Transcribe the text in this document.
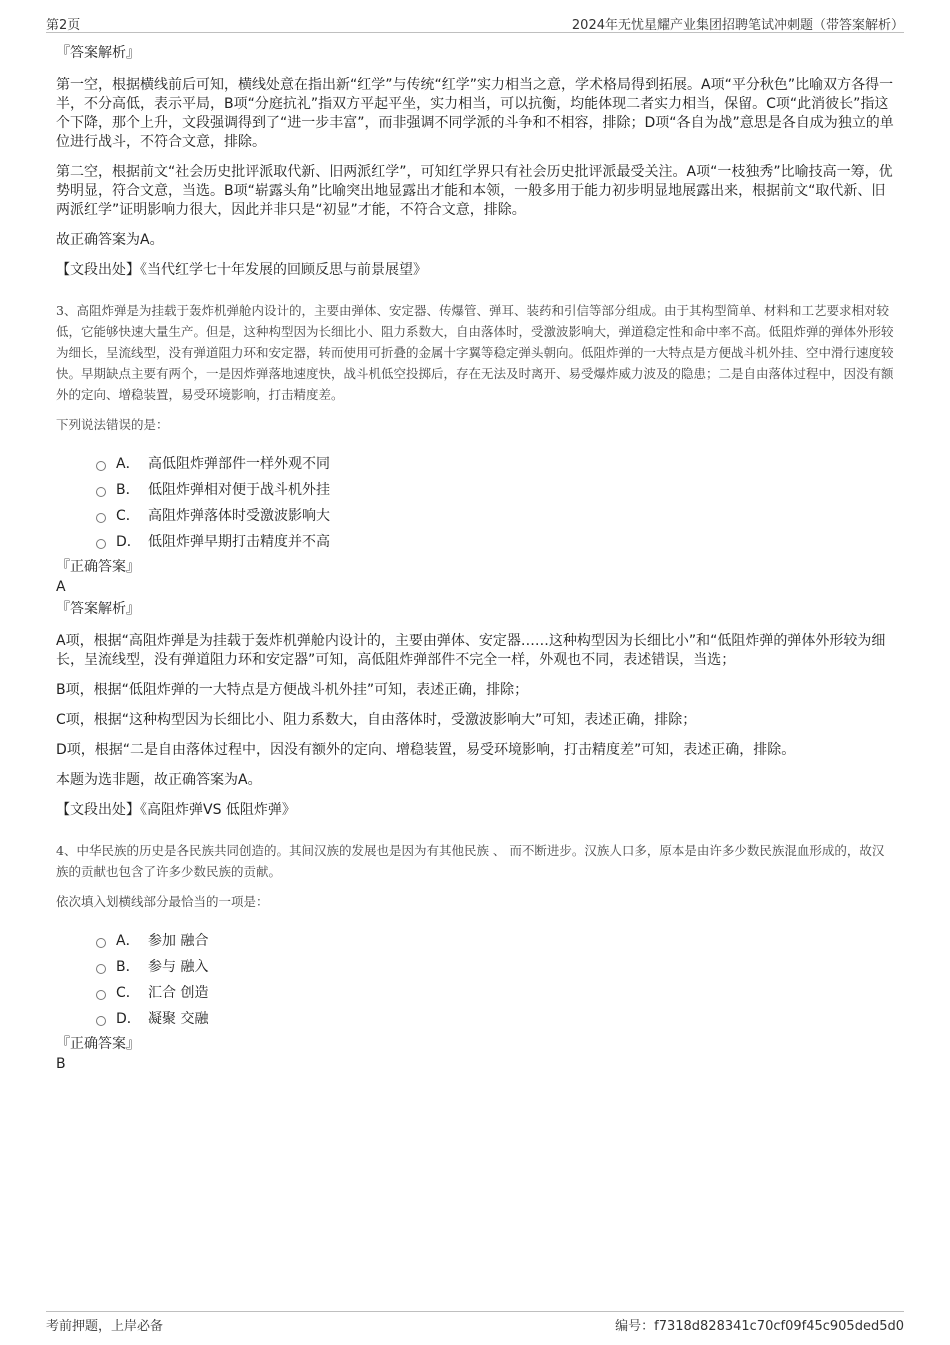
第2页	2024年无忧星耀产业集团招聘笔试冲刺题（带答案解析）
『答案解析』

第一空，根据横线前后可知，横线处意在指出新“红学”与传统“红学”实力相当之意，学术格局得到拓展。A项“平分秋色”比喻双方各得一半，不分高低，表示平局，B项“分庭抗礼”指双方平起平坐，实力相当，可以抗衡，均能体现二者实力相当，保留。C项“此消彼长”指这个下降，那个上升，文段强调得到了“进一步丰富”，而非强调不同学派的斗争和不相容，排除；D项“各自为战”意思是各自成为独立的单位进行战斗，不符合文意，排除。

第二空，根据前文“社会历史批评派取代新、旧两派红学”，可知红学界只有社会历史批评派最受关注。A项“一枝独秀”比喻技高一筹，优势明显，符合文意，当选。B项“崭露头角”比喻突出地显露出才能和本领，一般多用于能力初步明显地展露出来，根据前文“取代新、旧两派红学”证明影响力很大，因此并非只是“初显”才能，不符合文意，排除。

故正确答案为A。

【文段出处】《当代红学七十年发展的回顾反思与前景展望》

3、高阻炸弹是为挂载于轰炸机弹舱内设计的，主要由弹体、安定器、传爆管、弹耳、装药和引信等部分组成。由于其构型简单、材料和工艺要求相对较低，它能够快速大量生产。但是，这种构型因为长细比小、阻力系数大，自由落体时，受激波影响大，弹道稳定性和命中率不高。低阻炸弹的弹体外形较为细长，呈流线型，没有弹道阻力环和安定器，转而使用可折叠的金属十字翼等稳定弹头朝向。低阻炸弹的一大特点是方便战斗机外挂、空中滑行速度较快。早期缺点主要有两个，一是因炸弹落地速度快，战斗机低空投掷后，存在无法及时离开、易受爆炸威力波及的隐患；二是自由落体过程中，因没有额外的定向、增稳装置，易受环境影响，打击精度差。

下列说法错误的是：

A． 高低阻炸弹部件一样外观不同
B． 低阻炸弹相对便于战斗机外挂
C． 高阻炸弹落体时受激波影响大
D． 低阻炸弹早期打击精度并不高
『正确答案』
A
『答案解析』

A项，根据“高阻炸弹是为挂载于轰炸机弹舱内设计的，主要由弹体、安定器……这种构型因为长细比小”和“低阻炸弹的弹体外形较为细长，呈流线型，没有弹道阻力环和安定器”可知，高低阻炸弹部件不完全一样，外观也不同，表述错误，当选；

B项，根据“低阻炸弹的一大特点是方便战斗机外挂”可知，表述正确，排除；

C项，根据“这种构型因为长细比小、阻力系数大，自由落体时，受激波影响大”可知，表述正确，排除；

D项，根据“二是自由落体过程中，因没有额外的定向、增稳装置，易受环境影响，打击精度差”可知，表述正确，排除。

本题为选非题，故正确答案为A。

【文段出处】《高阻炸弹VS 低阻炸弹》

4、中华民族的历史是各民族共同创造的。其间汉族的发展也是因为有其他民族 、 而不断进步。汉族人口多，原本是由许多少数民族混血形成的，故汉族的贡献也包含了许多少数民族的贡献。

依次填入划横线部分最恰当的一项是：

A． 参加 融合
B． 参与 融入
C． 汇合 创造
D． 凝聚 交融
『正确答案』
B
考前押题，上岸必备	编号：f7318d828341c70cf09f45c905ded5d0
